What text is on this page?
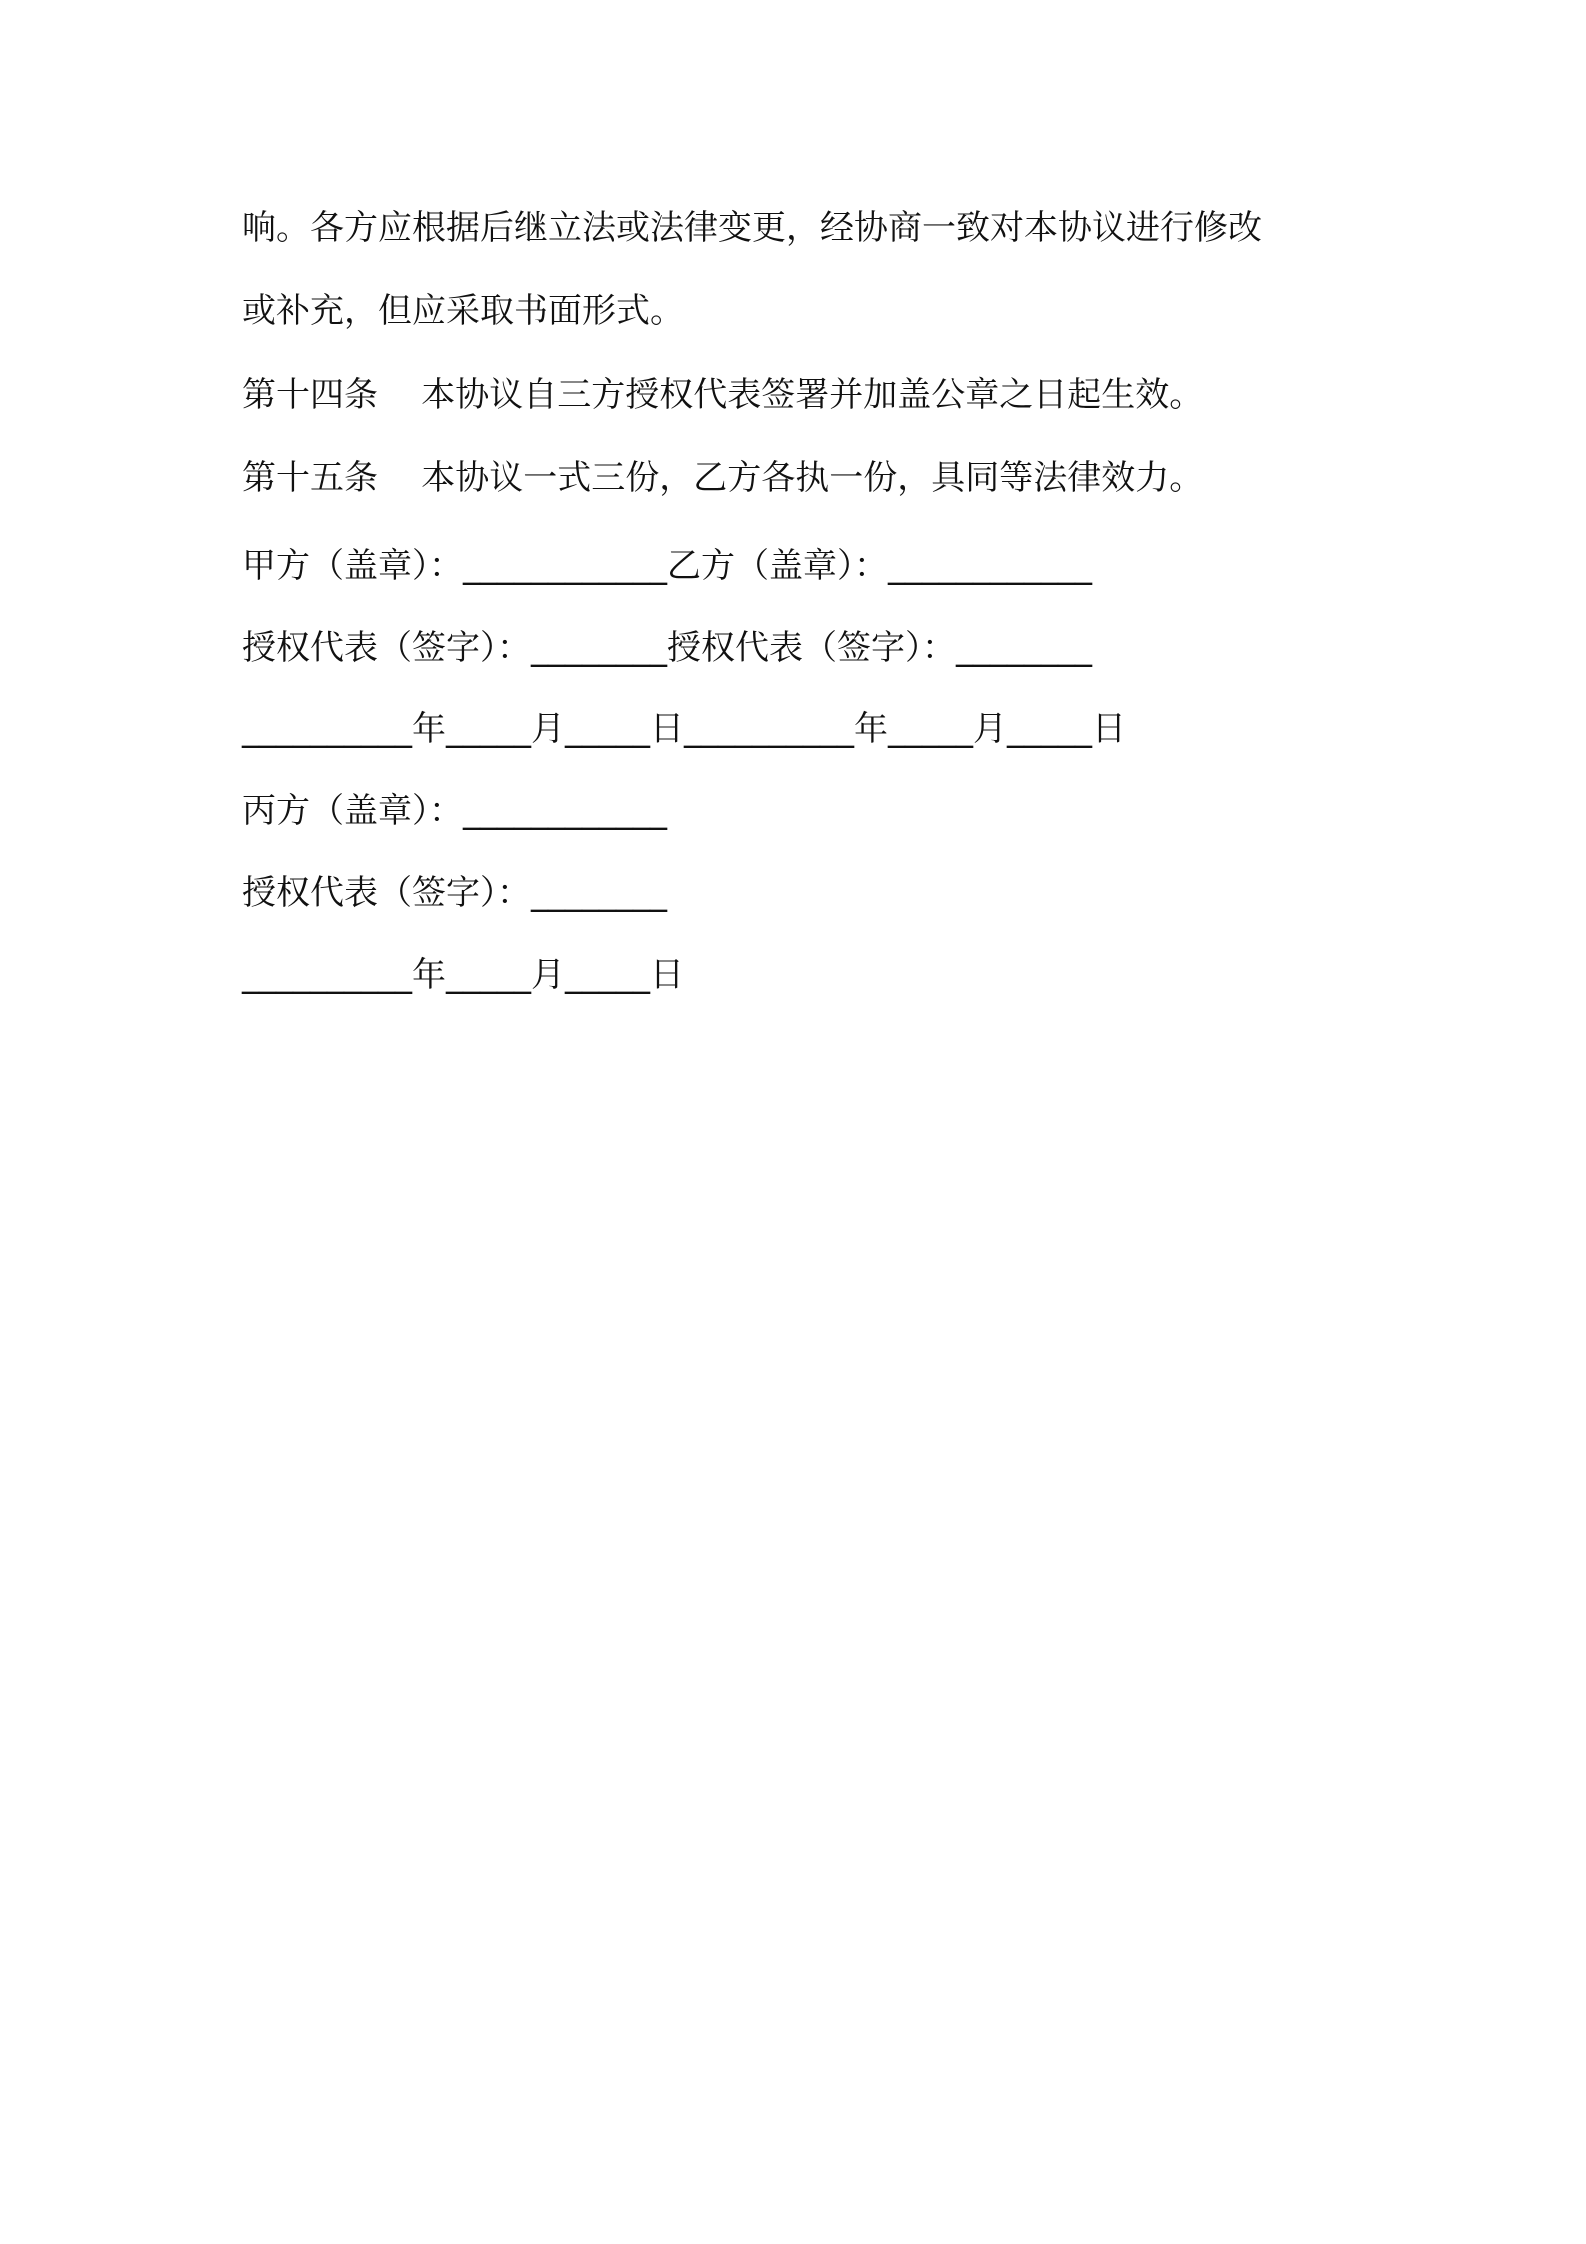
响。各方应根据后继立法或法律变更，经协商一致对本协议进行修改
或补充，但应采取书面形式。
第十四条    本协议自三方授权代表签署并加盖公章之日起生效。
第十五条    本协议一式三份，乙方各执一份，具同等法律效力。
甲方（盖章）：____________乙方（盖章）：____________
授权代表（签字）：________授权代表（签字）：________
__________年_____月_____日__________年_____月_____日
丙方（盖章）：____________
授权代表（签字）：________
__________年_____月_____日
